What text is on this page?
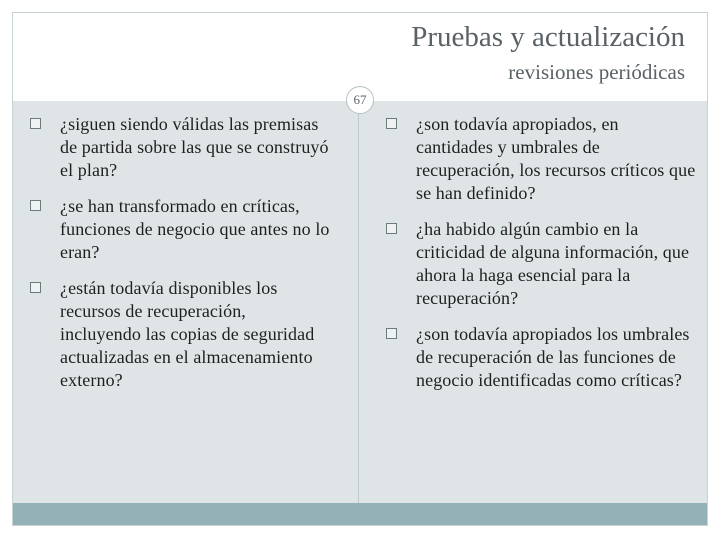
Pruebas y actualización
revisiones periódicas
67
¿siguen siendo válidas las premisas de partida sobre las que se construyó el plan?
¿se han transformado en críticas, funciones de negocio que antes no lo eran?
¿están todavía disponibles los recursos de recuperación, incluyendo las copias de seguridad actualizadas en el almacenamiento externo?
¿son todavía apropiados, en cantidades y umbrales de recuperación, los recursos críticos que se han definido?
¿ha habido algún cambio en la criticidad de alguna información, que ahora la haga esencial para la recuperación?
¿son todavía apropiados los umbrales de recuperación de las funciones de negocio identificadas como críticas?
